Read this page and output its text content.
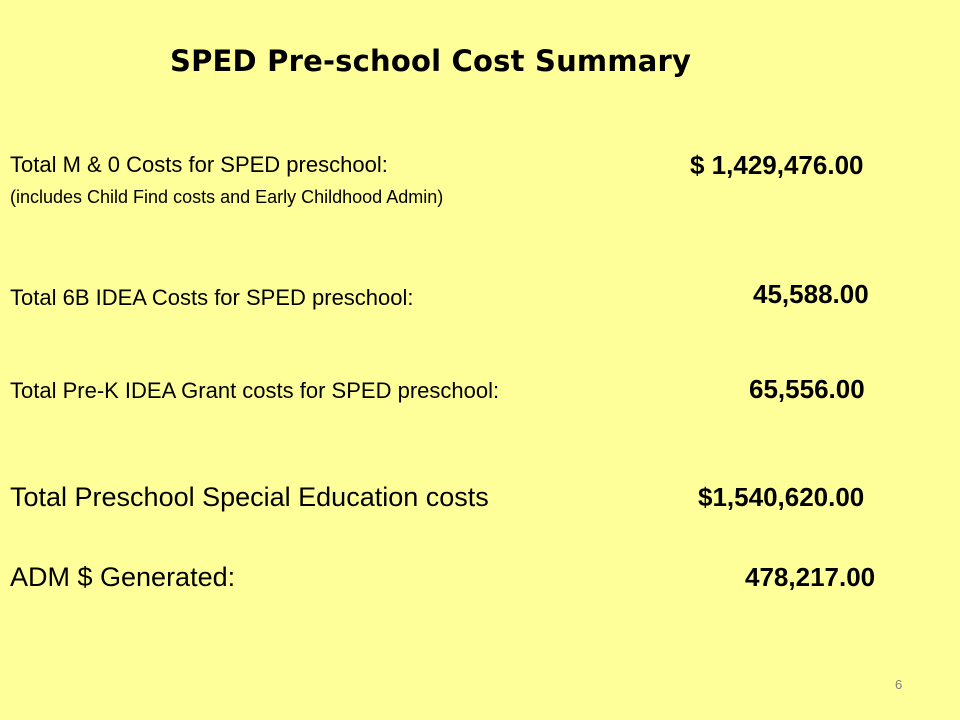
SPED Pre-school Cost Summary
Total M & 0 Costs for SPED preschool:	$ 1,429,476.00
(includes Child Find costs and Early Childhood Admin)
Total 6B IDEA Costs for SPED preschool:	45,588.00
Total Pre-K IDEA Grant costs for SPED preschool:	65,556.00
Total Preschool Special Education costs	$1,540,620.00
ADM $ Generated:	478,217.00
6
